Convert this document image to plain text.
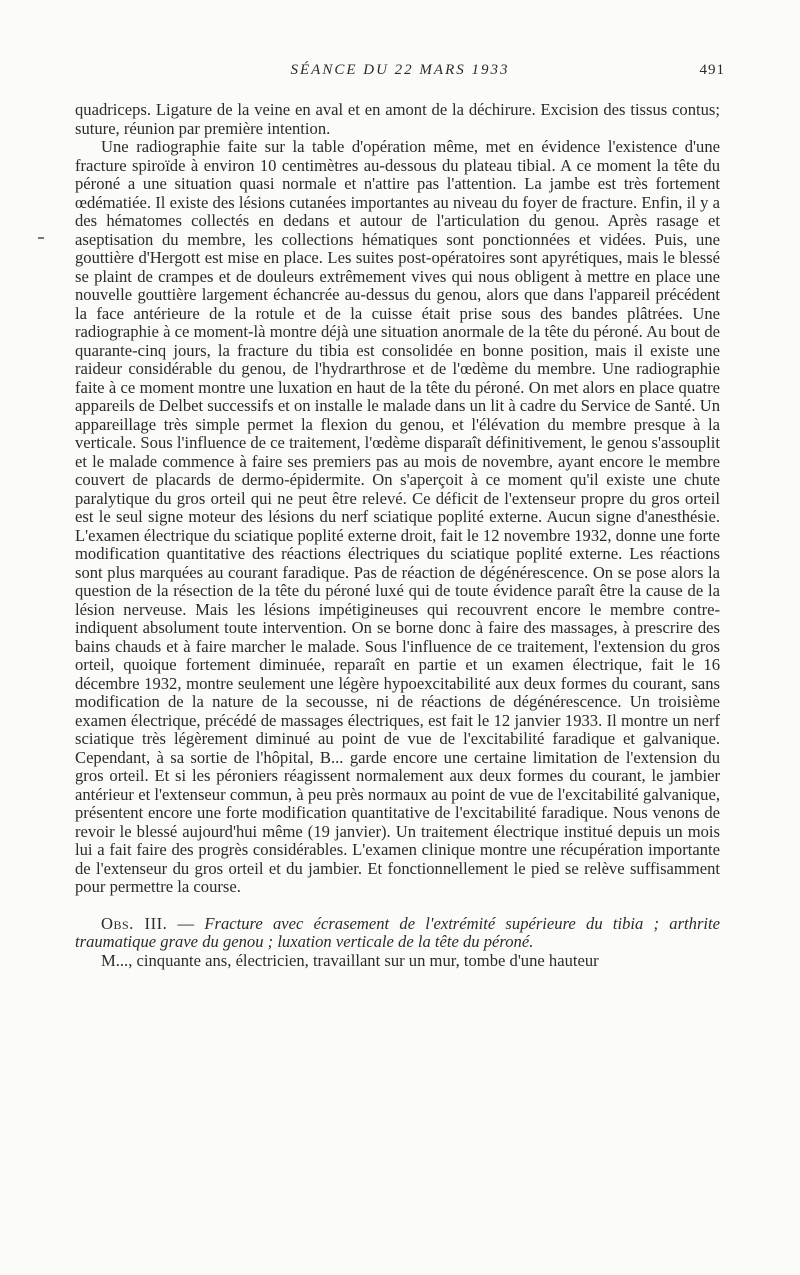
SÉANCE DU 22 MARS 1933	491

quadriceps. Ligature de la veine en aval et en amont de la déchirure. Excision des tissus contus; suture, réunion par première intention.

Une radiographie faite sur la table d'opération même, met en évidence l'existence d'une fracture spiroïde à environ 10 centimètres au-dessous du plateau tibial. A ce moment la tête du péroné a une situation quasi normale et n'attire pas l'attention. La jambe est très fortement œdématiée. Il existe des lésions cutanées importantes au niveau du foyer de fracture. Enfin, il y a des hématomes collectés en dedans et autour de l'articulation du genou. Après rasage et aseptisation du membre, les collections hématiques sont ponctionnées et vidées. Puis, une gouttière d'Hergott est mise en place. Les suites post-opératoires sont apyrétiques, mais le blessé se plaint de crampes et de douleurs extrêmement vives qui nous obligent à mettre en place une nouvelle gouttière largement échancrée au-dessus du genou, alors que dans l'appareil précédent la face antérieure de la rotule et de la cuisse était prise sous des bandes plâtrées. Une radiographie à ce moment-là montre déjà une situation anormale de la tête du péroné. Au bout de quarante-cinq jours, la fracture du tibia est consolidée en bonne position, mais il existe une raideur considérable du genou, de l'hydrarthrose et de l'œdème du membre. Une radiographie faite à ce moment montre une luxation en haut de la tête du péroné. On met alors en place quatre appareils de Delbet successifs et on installe le malade dans un lit à cadre du Service de Santé. Un appareillage très simple permet la flexion du genou, et l'élévation du membre presque à la verticale. Sous l'influence de ce traitement, l'œdème disparaît définitivement, le genou s'assouplit et le malade commence à faire ses premiers pas au mois de novembre, ayant encore le membre couvert de placards de dermo-épidermite. On s'aperçoit à ce moment qu'il existe une chute paralytique du gros orteil qui ne peut être relevé. Ce déficit de l'extenseur propre du gros orteil est le seul signe moteur des lésions du nerf sciatique poplité externe. Aucun signe d'anesthésie. L'examen électrique du sciatique poplité externe droit, fait le 12 novembre 1932, donne une forte modification quantitative des réactions électriques du sciatique poplité externe. Les réactions sont plus marquées au courant faradique. Pas de réaction de dégénérescence. On se pose alors la question de la résection de la tête du péroné luxé qui de toute évidence paraît être la cause de la lésion nerveuse. Mais les lésions impétigineuses qui recouvrent encore le membre contre-indiquent absolument toute intervention. On se borne donc à faire des massages, à prescrire des bains chauds et à faire marcher le malade. Sous l'influence de ce traitement, l'extension du gros orteil, quoique fortement diminuée, reparaît en partie et un examen électrique, fait le 16 décembre 1932, montre seulement une légère hypoexcitabilité aux deux formes du courant, sans modification de la nature de la secousse, ni de réactions de dégénérescence. Un troisième examen électrique, précédé de massages électriques, est fait le 12 janvier 1933. Il montre un nerf sciatique très légèrement diminué au point de vue de l'excitabilité faradique et galvanique. Cependant, à sa sortie de l'hôpital, B... garde encore une certaine limitation de l'extension du gros orteil. Et si les péroniers réagissent normalement aux deux formes du courant, le jambier antérieur et l'extenseur commun, à peu près normaux au point de vue de l'excitabilité galvanique, présentent encore une forte modification quantitative de l'excitabilité faradique. Nous venons de revoir le blessé aujourd'hui même (19 janvier). Un traitement électrique institué depuis un mois lui a fait faire des progrès considérables. L'examen clinique montre une récupération importante de l'extenseur du gros orteil et du jambier. Et fonctionnellement le pied se relève suffisamment pour permettre la course.

Obs. III. — Fracture avec écrasement de l'extrémité supérieure du tibia ; arthrite traumatique grave du genou ; luxation verticale de la tête du péroné.

M..., cinquante ans, électricien, travaillant sur un mur, tombe d'une hauteur
